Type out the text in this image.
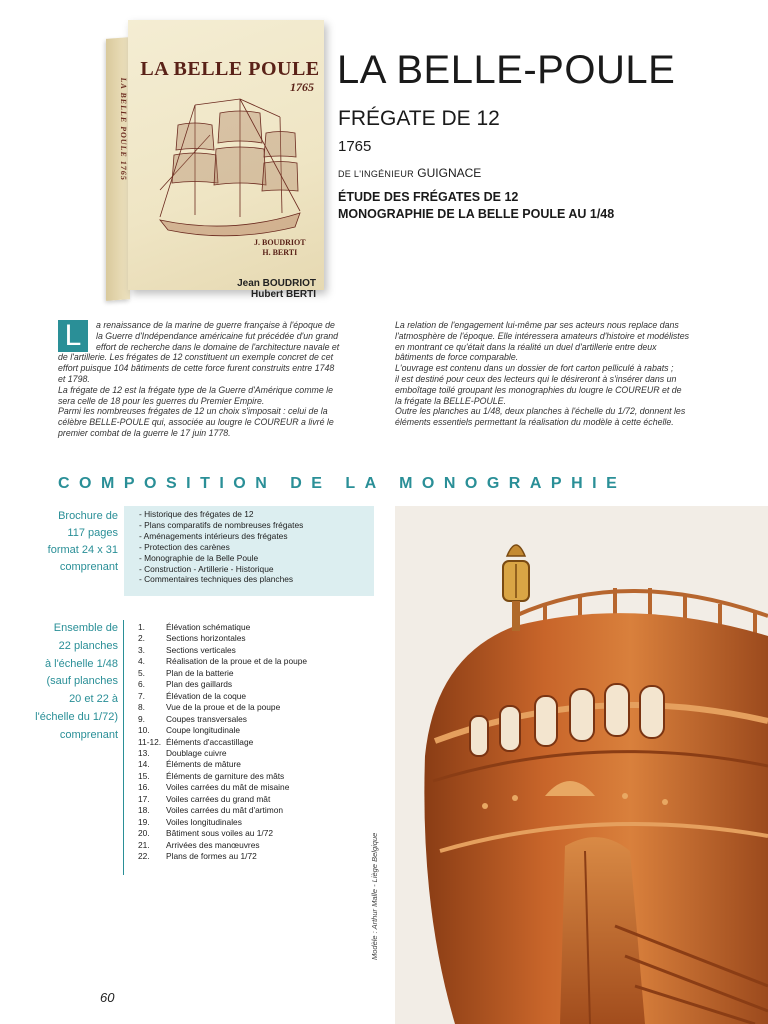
LA BELLE POULE 1765
LA BELLE POULE
1765
J. BOUDRIOT
H. BERTI
Jean BOUDRIOT
Hubert BERTI
LA BELLE-POULE
FRÉGATE DE 12
1765
DE L'INGÉNIEUR GUIGNACE
ÉTUDE DES FRÉGATES DE 12
MONOGRAPHIE DE LA BELLE POULE AU 1/48
a renaissance de la marine de guerre française à l'époque de
la Guerre d'Indépendance américaine fut précédée d'un grand
effort de recherche dans le domaine de l'architecture navale et
de l'artillerie. Les frégates de 12 constituent un exemple concret de cet
effort puisque 104 bâtiments de cette force furent construits entre 1748
et 1798.
La frégate de 12 est la frégate type de la Guerre d'Amérique comme le
sera celle de 18 pour les guerres du Premier Empire.
Parmi les nombreuses frégates de 12 un choix s'imposait : celui de la
célèbre BELLE-POULE qui, associée au lougre le COUREUR a livré le
premier combat de la guerre le 17 juin 1778.
L	La relation de l'engagement lui-même par ses acteurs nous replace dans
l'atmosphère de l'époque. Elle intéressera amateurs d'histoire et modélistes
en montrant ce qu'était dans la réalité un duel d'artillerie entre deux
bâtiments de force comparable.
L'ouvrage est contenu dans un dossier de fort carton pelliculé à rabats ;
il est destiné pour ceux des lecteurs qui le désireront à s'insérer dans un
emboîtage toilé groupant les monographies du lougre le COUREUR et de
la frégate la BELLE-POULE.
Outre les planches au 1/48, deux planches à l'échelle du 1/72, donnent les
éléments essentiels permettant la réalisation du modèle à cette échelle.
COMPOSITION DE LA MONOGRAPHIE
Brochure de
117 pages
format 24 x 31
comprenant
- Historique des frégates de 12
- Plans comparatifs de nombreuses frégates
- Aménagements intérieurs des frégates
- Protection des carènes
- Monographie de la Belle Poule
- Construction - Artillerie - Historique
- Commentaires techniques des planches
Ensemble de
22 planches
à l'échelle 1/48
(sauf planches
20 et 22 à
l'échelle du 1/72)
comprenant
1.	Élévation schématique
2.	Sections horizontales
3.	Sections verticales
4.	Réalisation de la proue et de la poupe
5.	Plan de la batterie
6.	Plan des gaillards
7.	Élévation de la coque
8.	Vue de la proue et de la poupe
9.	Coupes transversales
10.	Coupe longitudinale
11-12. Éléments d'accastillage
13.	Doublage cuivre
14.	Éléments de mâture
15.	Éléments de garniture des mâts
16.	Voiles carrées du mât de misaine
17.	Voiles carrées du grand mât
18.	Voiles carrées du mât d'artimon
19.	Voiles longitudinales
20.	Bâtiment sous voiles au 1/72
21.	Arrivées des manœuvres
22.	Plans de formes au 1/72	Modèle : Arthur Malle - Liège Belgique
60
